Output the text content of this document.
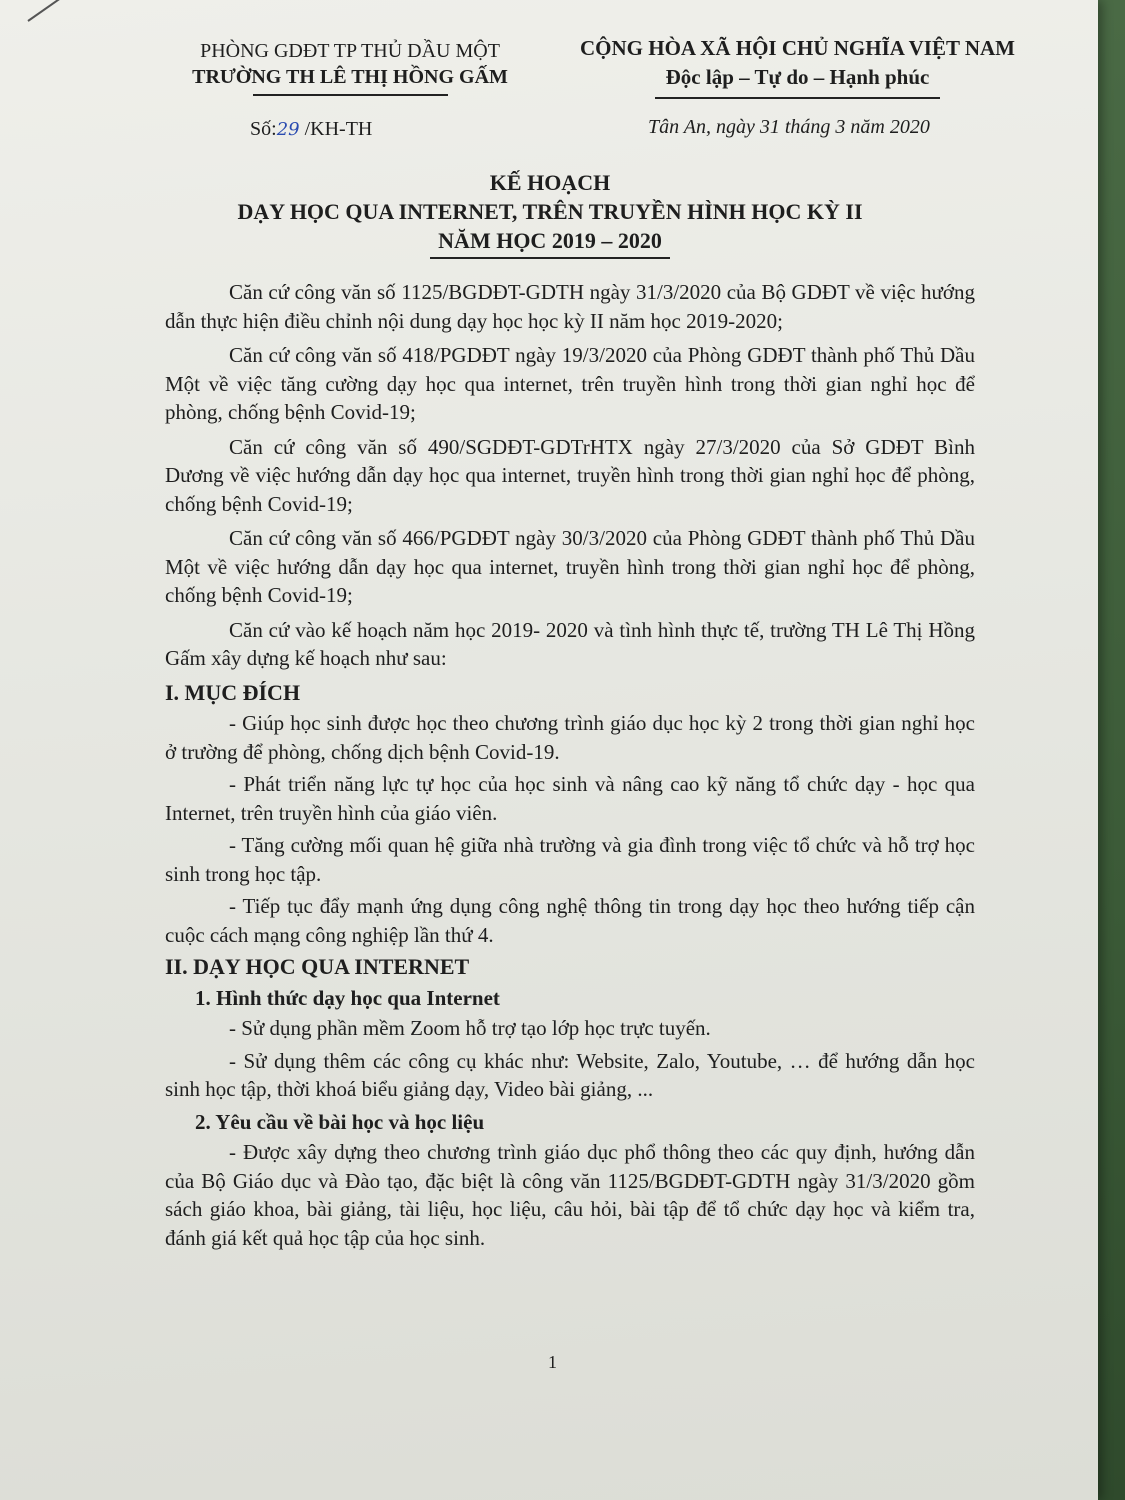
PHÒNG GDĐT TP THỦ DẦU MỘT
TRƯỜNG TH LÊ THỊ HỒNG GẤM
CỘNG HÒA XÃ HỘI CHỦ NGHĨA VIỆT NAM
Độc lập – Tự do – Hạnh phúc
Số:29 /KH-TH	Tân An, ngày 31 tháng 3 năm 2020
KẾ HOẠCH
DẠY HỌC QUA INTERNET, TRÊN TRUYỀN HÌNH HỌC KỲ II
NĂM HỌC 2019 – 2020

Căn cứ công văn số 1125/BGDĐT-GDTH ngày 31/3/2020 của Bộ GDĐT về việc hướng dẫn thực hiện điều chỉnh nội dung dạy học học kỳ II năm học 2019-2020;

Căn cứ công văn số 418/PGDĐT ngày 19/3/2020 của Phòng GDĐT thành phố Thủ Dầu Một về việc tăng cường dạy học qua internet, trên truyền hình trong thời gian nghỉ học để phòng, chống bệnh Covid-19;

Căn cứ công văn số 490/SGDĐT-GDTrHTX ngày 27/3/2020 của Sở GDĐT Bình Dương về việc hướng dẫn dạy học qua internet, truyền hình trong thời gian nghỉ học để phòng, chống bệnh Covid-19;

Căn cứ công văn số 466/PGDĐT ngày 30/3/2020 của Phòng GDĐT thành phố Thủ Dầu Một về việc hướng dẫn dạy học qua internet, truyền hình trong thời gian nghỉ học để phòng, chống bệnh Covid-19;

Căn cứ vào kế hoạch năm học 2019- 2020 và tình hình thực tế, trường TH Lê Thị Hồng Gấm xây dựng kế hoạch như sau:

I. MỤC ĐÍCH
- Giúp học sinh được học theo chương trình giáo dục học kỳ 2 trong thời gian nghỉ học ở trường để phòng, chống dịch bệnh Covid-19.
- Phát triển năng lực tự học của học sinh và nâng cao kỹ năng tổ chức dạy - học qua Internet, trên truyền hình của giáo viên.
- Tăng cường mối quan hệ giữa nhà trường và gia đình trong việc tổ chức và hỗ trợ học sinh trong học tập.
- Tiếp tục đẩy mạnh ứng dụng công nghệ thông tin trong dạy học theo hướng tiếp cận cuộc cách mạng công nghiệp lần thứ 4.
II. DẠY HỌC QUA INTERNET
1. Hình thức dạy học qua Internet
- Sử dụng phần mềm Zoom hỗ trợ tạo lớp học trực tuyến.
- Sử dụng thêm các công cụ khác như: Website, Zalo, Youtube, … để hướng dẫn học sinh học tập, thời khoá biểu giảng dạy, Video bài giảng, ...
2. Yêu cầu về bài học và học liệu
- Được xây dựng theo chương trình giáo dục phổ thông theo các quy định, hướng dẫn của Bộ Giáo dục và Đào tạo, đặc biệt là công văn 1125/BGDĐT-GDTH ngày 31/3/2020 gồm sách giáo khoa, bài giảng, tài liệu, học liệu, câu hỏi, bài tập để tổ chức dạy học và kiểm tra, đánh giá kết quả học tập của học sinh.
1
